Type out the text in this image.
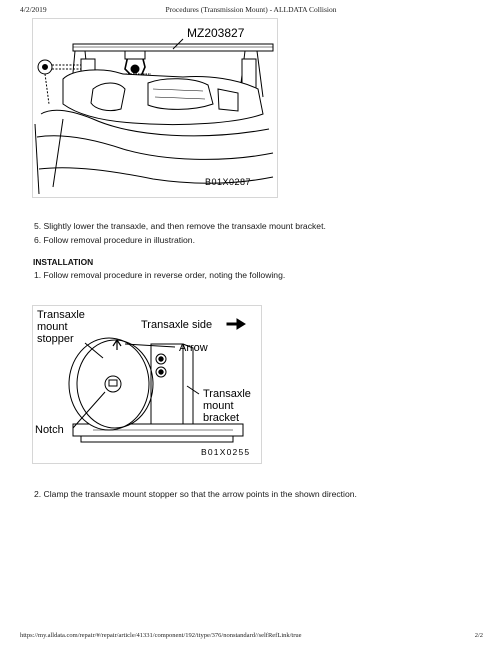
4/2/2019	Procedures (Transmission Mount) - ALLDATA Collision
MZ203827
B01X0287
5. Slightly lower the transaxle, and then remove the transaxle mount bracket.
6. Follow removal procedure in illustration.
INSTALLATION
1. Follow removal procedure in reverse order, noting the following.
Transaxle
mount
stopper
Transaxle side
Arrow
Transaxle
mount
bracket
Notch
B01X0255
2. Clamp the transaxle mount stopper so that the arrow points in the shown direction.
https://my.alldata.com/repair/#/repair/article/41331/component/192/itype/376/nonstandard//selfRefLink/true	2/2
